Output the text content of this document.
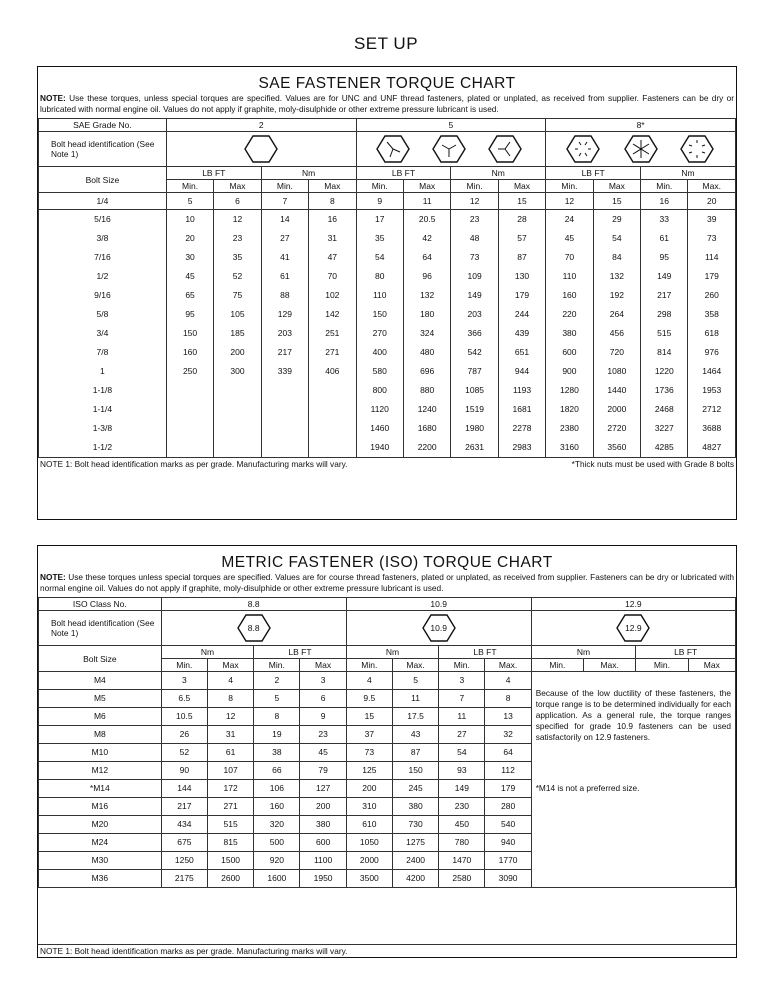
SET UP
SAE FASTENER TORQUE CHART
NOTE: Use these torques, unless special torques are specified. Values are for UNC and UNF thread fasteners, plated or unplated, as received from supplier. Fasteners can be dry or lubricated with normal engine oil. Values do not apply if graphite, moly-disulphide or other extreme pressure lubricant is used.
SAE Grade No.	2				5				8*			
Bolt head identification (See Note 1)			
Bolt Size	LB FT		Nm		LB FT		Nm		LB FT		Nm	
	Min.	Max	Min.	Max	Min.	Max	Min.	Max	Min.	Max	Min.	Max.
1/4	5	6	7	8	9	11	12	15	12	15	16	20
5/16	10	12	14	16	17	20.5	23	28	24	29	33	39
3/8	20	23	27	31	35	42	48	57	45	54	61	73
7/16	30	35	41	47	54	64	73	87	70	84	95	114
1/2	45	52	61	70	80	96	109	130	110	132	149	179
9/16	65	75	88	102	110	132	149	179	160	192	217	260
5/8	95	105	129	142	150	180	203	244	220	264	298	358
3/4	150	185	203	251	270	324	366	439	380	456	515	618
7/8	160	200	217	271	400	480	542	651	600	720	814	976
1	250	300	339	406	580	696	787	944	900	1080	1220	1464
1-1/8					800	880	1085	1193	1280	1440	1736	1953
1-1/4					1120	1240	1519	1681	1820	2000	2468	2712
1-3/8					1460	1680	1980	2278	2380	2720	3227	3688
1-1/2					1940	2200	2631	2983	3160	3560	4285	4827
NOTE 1: Bolt head identification marks as per grade. Manufacturing marks will vary.	*Thick nuts must be used with Grade 8 bolts
METRIC FASTENER (ISO) TORQUE CHART
NOTE: Use these torques unless special torques are specified. Values are for course thread fasteners, plated or unplated, as received from supplier. Fasteners can be dry or lubricated with normal engine oil. Values do not apply if graphite, moly-disulphide or other extreme pressure lubricant is used.
ISO Class No.	8.8				10.9				12.9			
Bolt head identification (See Note 1)	8.8				10.9				12.9			

Bolt Size	Nm		LB FT		Nm		LB FT		Nm		LB FT	
	Min.	Max	Min.	Max	Min.	Max.	Min.	Max.	Min.	Max.	Min.	Max
M4	3	4	2	3	4	5	3	4	Because of the low ductility of these fasteners, the torque range is to be determined individually for each application. As a general rule, the torque ranges specified for grade 10.9 fasteners can be used satisfactorily on 12.9 fasteners.
*M14 is not a preferred size.			

M5	6.5	8	5	6	9.5	11	7	8				
M6	10.5	12	8	9	15	17.5	11	13				
M8	26	31	19	23	37	43	27	32				
M10	52	61	38	45	73	87	54	64				
M12	90	107	66	79	125	150	93	112				
*M14	144	172	106	127	200	245	149	179				
M16	217	271	160	200	310	380	230	280				
M20	434	515	320	380	610	730	450	540				
M24	675	815	500	600	1050	1275	780	940				
M30	1250	1500	920	1100	2000	2400	1470	1770				
M36	2175	2600	1600	1950	3500	4200	2580	3090				
NOTE 1: Bolt head identification marks as per grade. Manufacturing marks will vary.
